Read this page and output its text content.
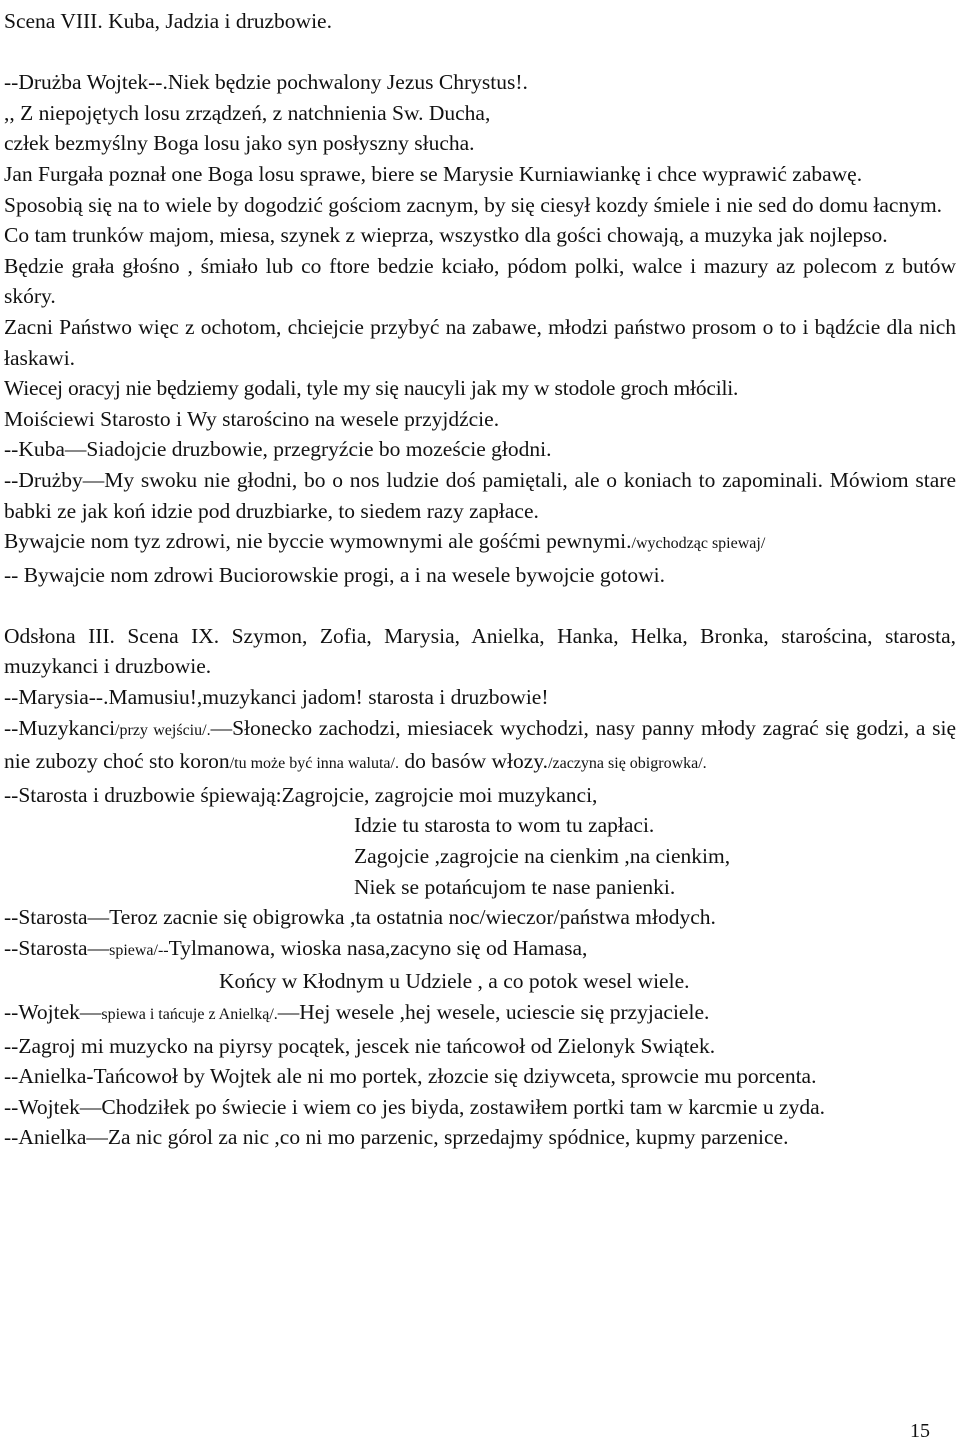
Scena VIII. Kuba, Jadzia i druzbowie.

--Drużba Wojtek--.Niek będzie pochwalony Jezus Chrystus!.

,, Z niepojętych losu zrządzeń, z natchnienia Sw. Ducha,

człek bezmyślny Boga losu jako syn posłyszny słucha.

Jan Furgała poznał one Boga losu sprawe, biere se Marysie Kurniawiankę i chce wyprawić zabawę.

Sposobią się na to wiele by dogodzić gościom zacnym, by się ciesył kozdy śmiele i nie sed do domu łacnym.

Co tam trunków majom, miesa, szynek z wieprza, wszystko dla gości chowają, a muzyka jak nojlepso.

Będzie grała głośno , śmiało lub co ftore bedzie kciało, pódom polki, walce i mazury az polecom z butów skóry.

Zacni Państwo więc z ochotom, chciejcie przybyć na zabawe, młodzi państwo prosom o to i bądźcie dla nich łaskawi.

Wiecej oracyj nie będziemy godali, tyle my się naucyli jak my w stodole groch młócili.

Moiściewi Starosto i Wy starościno na wesele przyjdźcie.

--Kuba—Siadojcie druzbowie, przegryźcie bo mozeście głodni.

--Drużby—My swoku nie głodni, bo o nos ludzie doś pamiętali, ale o koniach to zapominali. Mówiom stare babki ze jak koń idzie pod druzbiarke, to siedem razy zapłace.

Bywajcie nom tyz zdrowi, nie byccie wymownymi ale gośćmi pewnymi./wychodząc spiewaj/

-- Bywajcie nom zdrowi Buciorowskie progi, a i na wesele bywojcie gotowi.

Odsłona III. Scena IX. Szymon, Zofia, Marysia, Anielka, Hanka, Helka, Bronka, starościna, starosta, muzykanci i druzbowie.

--Marysia--.Mamusiu!,muzykanci jadom! starosta i druzbowie!

--Muzykanci/przy wejściu/.—Słonecko zachodzi, miesiacek wychodzi, nasy panny młody zagrać się godzi, a się nie zubozy choć sto koron/tu może być inna waluta/. do basów włozy./zaczyna się obigrowka/.

--Starosta i druzbowie śpiewają:Zagrojcie, zagrojcie moi muzykanci,

Idzie tu starosta to wom tu zapłaci.

Zagojcie ,zagrojcie na cienkim ,na cienkim,

Niek se potańcujom te nase panienki.

--Starosta—Teroz zacnie się obigrowka ,ta ostatnia noc/wieczor/państwa młodych.

--Starosta—spiewa/--Tylmanowa, wioska nasa,zacyno się od Hamasa,

Końcy w Kłodnym u Udziele , a co potok wesel wiele.

--Wojtek—spiewa i tańcuje z Anielką/.—Hej wesele ,hej wesele, uciescie się przyjaciele.

--Zagroj mi muzycko na piyrsy pocątek, jescek nie tańcowoł od Zielonyk Swiątek.

--Anielka-Tańcowoł by Wojtek ale ni mo portek, złozcie się dziywceta, sprowcie mu porcenta.

--Wojtek—Chodziłek po świecie i wiem co jes biyda, zostawiłem portki tam w karcmie u zyda.

--Anielka—Za nic górol za nic ,co ni mo parzenic, sprzedajmy spódnice, kupmy parzenice.

15
